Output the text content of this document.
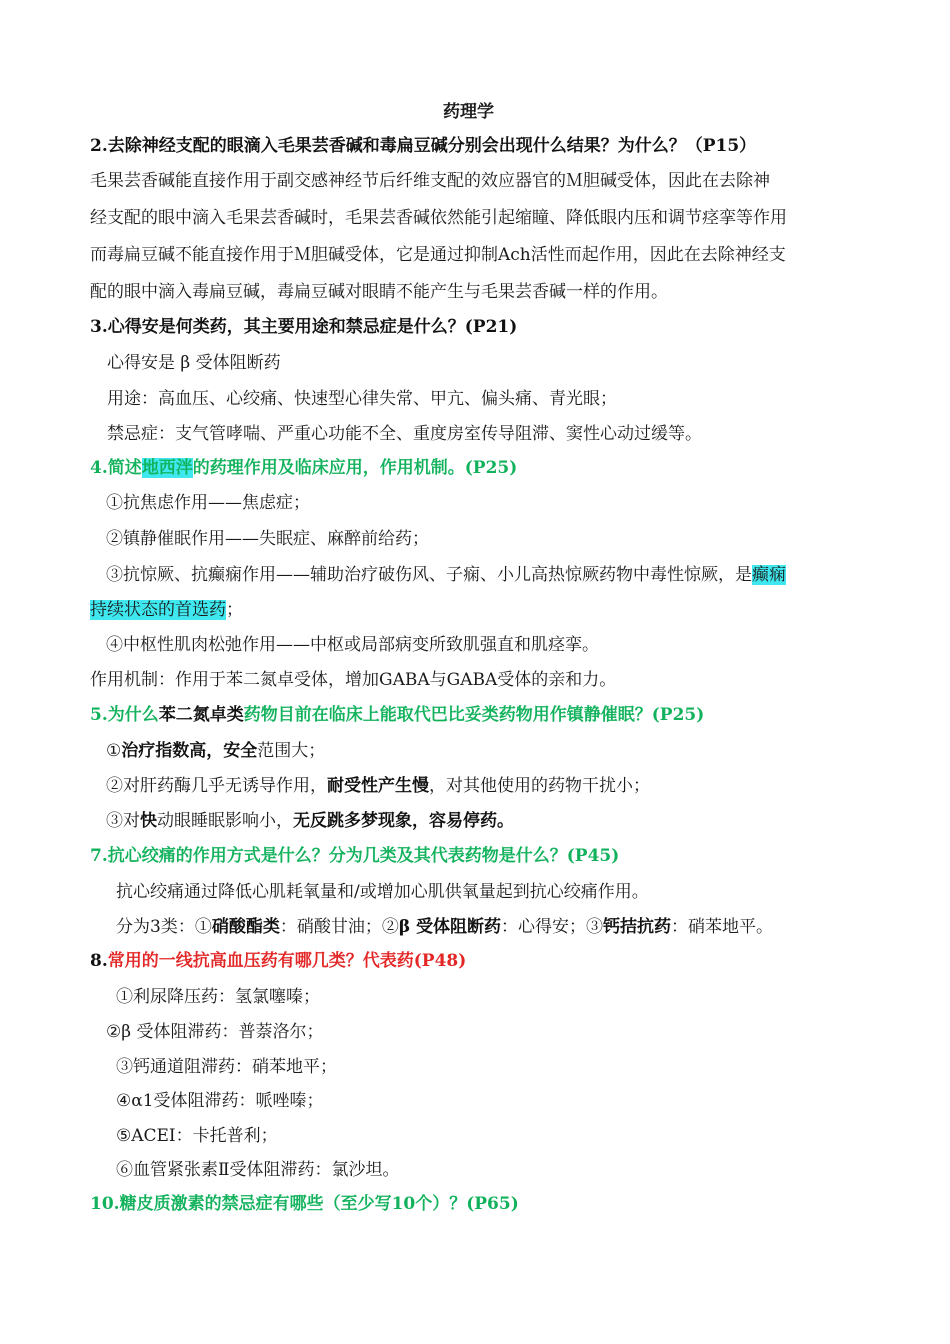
药理学
2.去除神经支配的眼滴入毛果芸香碱和毒扁豆碱分别会出现什么结果？为什么？（P15）
毛果芸香碱能直接作用于副交感神经节后纤维支配的效应器官的Ｍ胆碱受体，因此在去除神
经支配的眼中滴入毛果芸香碱时，毛果芸香碱依然能引起缩瞳、降低眼内压和调节痉挛等作用
而毒扁豆碱不能直接作用于Ｍ胆碱受体，它是通过抑制Ach活性而起作用，因此在去除神经支
配的眼中滴入毒扁豆碱，毒扁豆碱对眼睛不能产生与毛果芸香碱一样的作用。
3.心得安是何类药，其主要用途和禁忌症是什么？(P21)
心得安是 β 受体阻断药
用途：高血压、心绞痛、快速型心律失常、甲亢、偏头痛、青光眼；
禁忌症：支气管哮喘、严重心功能不全、重度房室传导阻滞、窦性心动过缓等。
4.简述地西泮的药理作用及临床应用，作用机制。(P25)
①抗焦虑作用——焦虑症；
②镇静催眠作用——失眠症、麻醉前给药；
③抗惊厥、抗癫痫作用——辅助治疗破伤风、子痫、小儿高热惊厥药物中毒性惊厥，是癫痫
持续状态的首选药；
④中枢性肌肉松弛作用——中枢或局部病变所致肌强直和肌痉挛。
作用机制：作用于苯二氮卓受体，增加GABA与GABA受体的亲和力。
5.为什么苯二氮卓类药物目前在临床上能取代巴比妥类药物用作镇静催眠？(P25)
①治疗指数高，安全范围大；
②对肝药酶几乎无诱导作用，耐受性产生慢，对其他使用的药物干扰小；
③对快动眼睡眠影响小，无反跳多梦现象，容易停药。
7.抗心绞痛的作用方式是什么？分为几类及其代表药物是什么？(P45)
抗心绞痛通过降低心肌耗氧量和/或增加心肌供氧量起到抗心绞痛作用。
分为3类：①硝酸酯类：硝酸甘油；②β 受体阻断药：心得安；③钙拮抗药：硝苯地平。
8.常用的一线抗高血压药有哪几类？代表药(P48)
①利尿降压药：氢氯噻嗪；
②β 受体阻滞药：普萘洛尔；
③钙通道阻滞药：硝苯地平；
④α1受体阻滞药：哌唑嗪；
⑤ACEI：卡托普利；
⑥血管紧张素Ⅱ受体阻滞药：氯沙坦。
10.糖皮质激素的禁忌症有哪些（至少写10个）？(P65)
